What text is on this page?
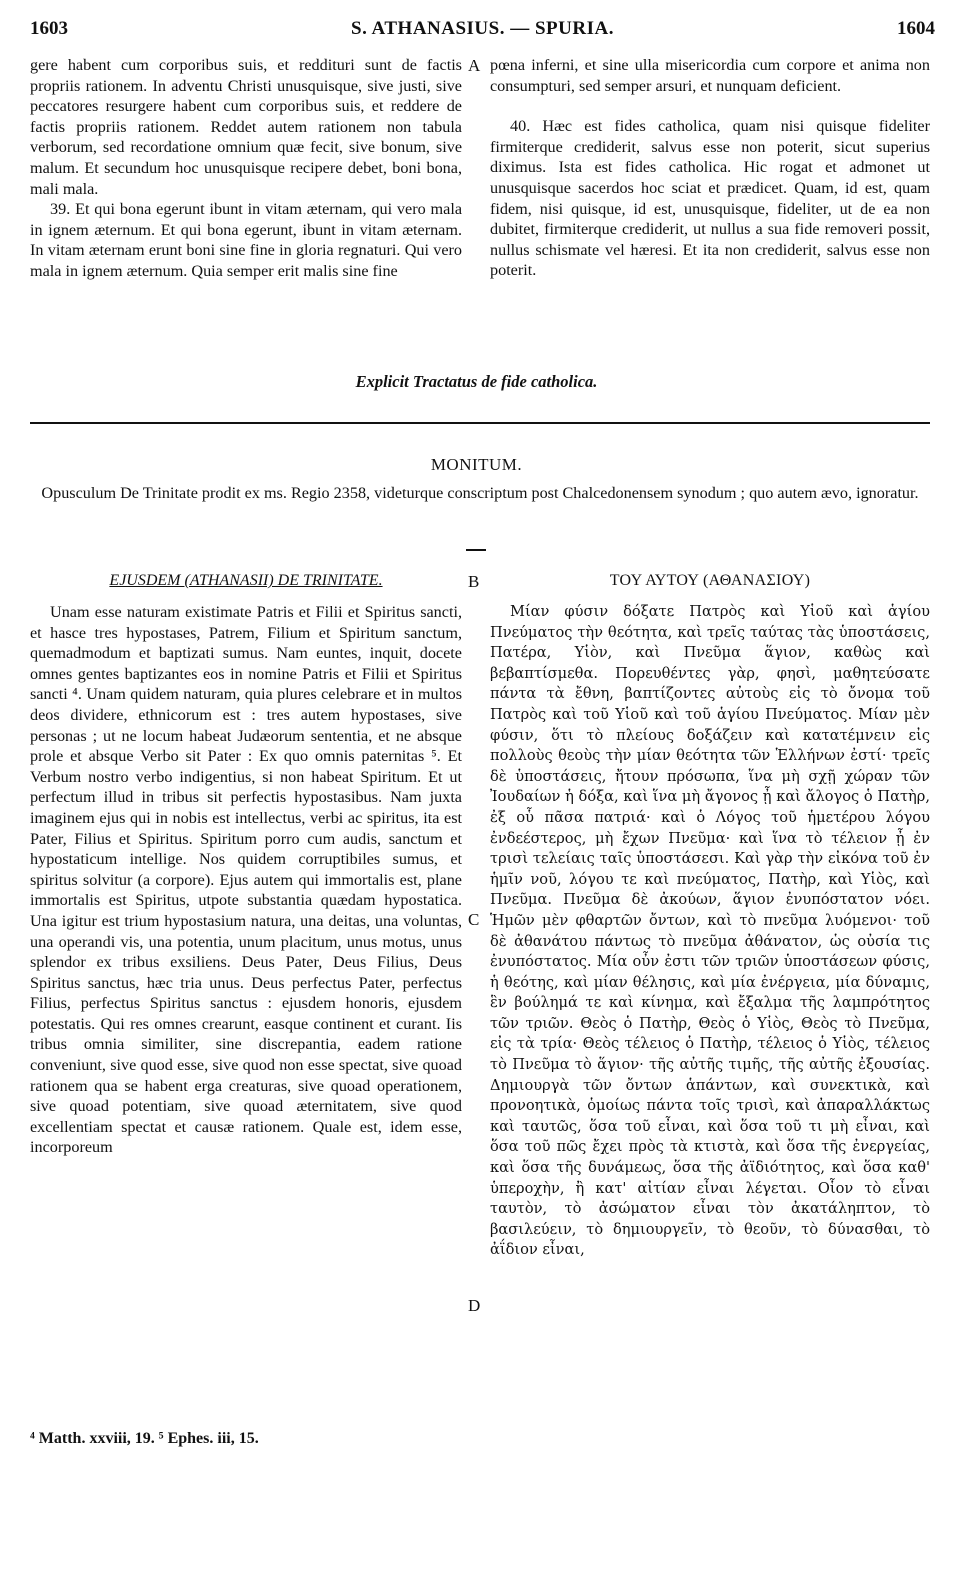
1603	S. ATHANASIUS. — SPURIA.	1604

gere habent cum corporibus suis, et reddituri sunt de factis propriis rationem. In adventu Christi unusquisque, sive justi, sive peccatores resurgere habent cum corporibus suis, et reddere de factis propriis rationem. Reddet autem rationem non tabula verborum, sed recordatione omnium quæ fecit, sive bonum, sive malum. Et secundum hoc unusquisque recipere debet, boni bona, mali mala.

39. Et qui bona egerunt ibunt in vitam æternam, qui vero mala in ignem æternum. Et qui bona egerunt, ibunt in vitam æternam. In vitam æternam erunt boni sine fine in gloria regnaturi. Qui vero mala in ignem æternum. Quia semper erit malis sine fine

A pœna inferni, et sine ulla misericordia cum corpore et anima non consumpturi, sed semper arsuri, et nunquam deficient.

40. Hæc est fides catholica, quam nisi quisque fideliter firmiterque crediderit, salvus esse non poterit, sicut superius diximus. Ista est fides catholica. Hic rogat et admonet ut unusquisque sacerdos hoc sciat et prædicet. Quam, id est, quam fidem, nisi quisque, id est, unusquisque, fideliter, ut de ea non dubitet, firmiterque crediderit, ut nullus a sua fide removeri possit, nullus schismate vel hæresi. Et ita non crediderit, salvus esse non poterit.

Explicit Tractatus de fide catholica.
MONITUM.
Opusculum De Trinitate prodit ex ms. Regio 2358, videturque conscriptum post Chalcedonensem synodum ; quo autem ævo, ignoratur.
EJUSDEM (ATHANASII) DE TRINITATE.	B	ΤΟΥ ΑΥΤΟΥ (ΑΘΑΝΑΣΙΟΥ)

Unam esse naturam existimate Patris et Filii et Spiritus sancti, et hasce tres hypostases, Patrem, Filium et Spiritum sanctum, quemadmodum et baptizati sumus. Nam euntes, inquit, docete omnes gentes baptizantes eos in nomine Patris et Filii et Spiritus sancti ⁴. Unam quidem naturam, quia plures celebrare et in multos deos dividere, ethnicorum est : tres autem hypostases, sive personas ; ut ne locum habeat Judæorum sententia, et ne absque prole et absque Verbo sit Pater : Ex quo omnis paternitas ⁵. Et Verbum nostro verbo indigentius, si non habeat Spiritum. Et ut perfectum illud in tribus sit perfectis hypostasibus. Nam juxta imaginem ejus qui in nobis est intellectus, verbi ac spiritus, ita est Pater, Filius et Spiritus. Spiritum porro cum audis, sanctum et hypostaticum intellige. Nos quidem corruptibiles sumus, et spiritus solvitur (a corpore). Ejus autem qui immortalis est, plane immortalis est Spiritus, utpote substantia quædam hypostatica. Una igitur est trium hypostasium natura, una deitas, una voluntas, una operandi vis, una potentia, unum placitum, unus motus, unus splendor ex tribus exsiliens. Deus Pater, Deus Filius, Deus Spiritus sanctus, hæc tria unus. Deus perfectus Pater, perfectus Filius, perfectus Spiritus sanctus : ejusdem honoris, ejusdem potestatis. Qui res omnes crearunt, easque continent et curant. Iis tribus omnia similiter, sine discrepantia, eadem ratione conveniunt, sive quod esse, sive quod non esse spectat, sive quoad rationem qua se habent erga creaturas, sive quoad operationem, sive quoad potentiam, sive quoad æternitatem, sive quod excellentiam spectat et causæ rationem. Quale est, idem esse, incorporeum

C
D

Μίαν φύσιν δόξατε Πατρὸς καὶ Υἱοῦ καὶ ἁγίου Πνεύματος τὴν θεότητα, καὶ τρεῖς ταύτας τὰς ὑποστάσεις, Πατέρα, Υἱὸν, καὶ Πνεῦμα ἅγιον, καθὼς καὶ βεβαπτίσμεθα. Πορευθέντες γὰρ, φησὶ, μαθητεύσατε πάντα τὰ ἔθνη, βαπτίζοντες αὐτοὺς εἰς τὸ ὄνομα τοῦ Πατρὸς καὶ τοῦ Υἱοῦ καὶ τοῦ ἁγίου Πνεύματος. Μίαν μὲν φύσιν, ὅτι τὸ πλείους δοξάζειν καὶ κατατέμνειν εἰς πολλοὺς θεοὺς τὴν μίαν θεότητα τῶν Ἑλλήνων ἐστί· τρεῖς δὲ ὑποστάσεις, ἤτουν πρόσωπα, ἵνα μὴ σχῇ χώραν τῶν Ἰουδαίων ἡ δόξα, καὶ ἵνα μὴ ἄγονος ᾖ καὶ ἄλογος ὁ Πατὴρ, ἐξ οὗ πᾶσα πατριά· καὶ ὁ Λόγος τοῦ ἡμετέρου λόγου ἐνδεέστερος, μὴ ἔχων Πνεῦμα· καὶ ἵνα τὸ τέλειον ᾖ ἐν τρισὶ τελείαις ταῖς ὑποστάσεσι. Καὶ γὰρ τὴν εἰκόνα τοῦ ἐν ἡμῖν νοῦ, λόγου τε καὶ πνεύματος, Πατὴρ, καὶ Υἱὸς, καὶ Πνεῦμα. Πνεῦμα δὲ ἀκούων, ἅγιον ἐνυπόστατον νόει. Ἡμῶν μὲν φθαρτῶν ὄντων, καὶ τὸ πνεῦμα λυόμενοι· τοῦ δὲ ἀθανάτου πάντως τὸ πνεῦμα ἀθάνατον, ὡς οὐσία τις ἐνυπόστατος. Μία οὖν ἐστι τῶν τριῶν ὑποστάσεων φύσις, ἡ θεότης, καὶ μίαν θέλησις, καὶ μία ἐνέργεια, μία δύναμις, ἓν βούλημά τε καὶ κίνημα, καὶ ἔξαλμα τῆς λαμπρότητος τῶν τριῶν. Θεὸς ὁ Πατὴρ, Θεὸς ὁ Υἱὸς, Θεὸς τὸ Πνεῦμα, εἰς τὰ τρία· Θεὸς τέλειος ὁ Πατὴρ, τέλειος ὁ Υἱὸς, τέλειος τὸ Πνεῦμα τὸ ἅγιον· τῆς αὐτῆς τιμῆς, τῆς αὐτῆς ἐξουσίας. Δημιουργὰ τῶν ὄντων ἁπάντων, καὶ συνεκτικὰ, καὶ προνοητικὰ, ὁμοίως πάντα τοῖς τρισὶ, καὶ ἀπαραλλάκτως καὶ ταυτῶς, ὅσα τοῦ εἶναι, καὶ ὅσα τοῦ τι μὴ εἶναι, καὶ ὅσα τοῦ πῶς ἔχει πρὸς τὰ κτιστὰ, καὶ ὅσα τῆς ἐνεργείας, καὶ ὅσα τῆς δυνάμεως, ὅσα τῆς ἀϊδιότητος, καὶ ὅσα καθ' ὑπεροχὴν, ἢ κατ' αἰτίαν εἶναι λέγεται. Οἷον τὸ εἶναι ταυτὸν, τὸ ἀσώματον εἶναι τὸν ἀκατάληπτον, τὸ βασιλεύειν, τὸ δημιουργεῖν, τὸ θεοῦν, τὸ δύνασθαι, τὸ ἀΐδιον εἶναι,

⁴ Matth. xxviii, 19. ⁵ Ephes. iii, 15.
